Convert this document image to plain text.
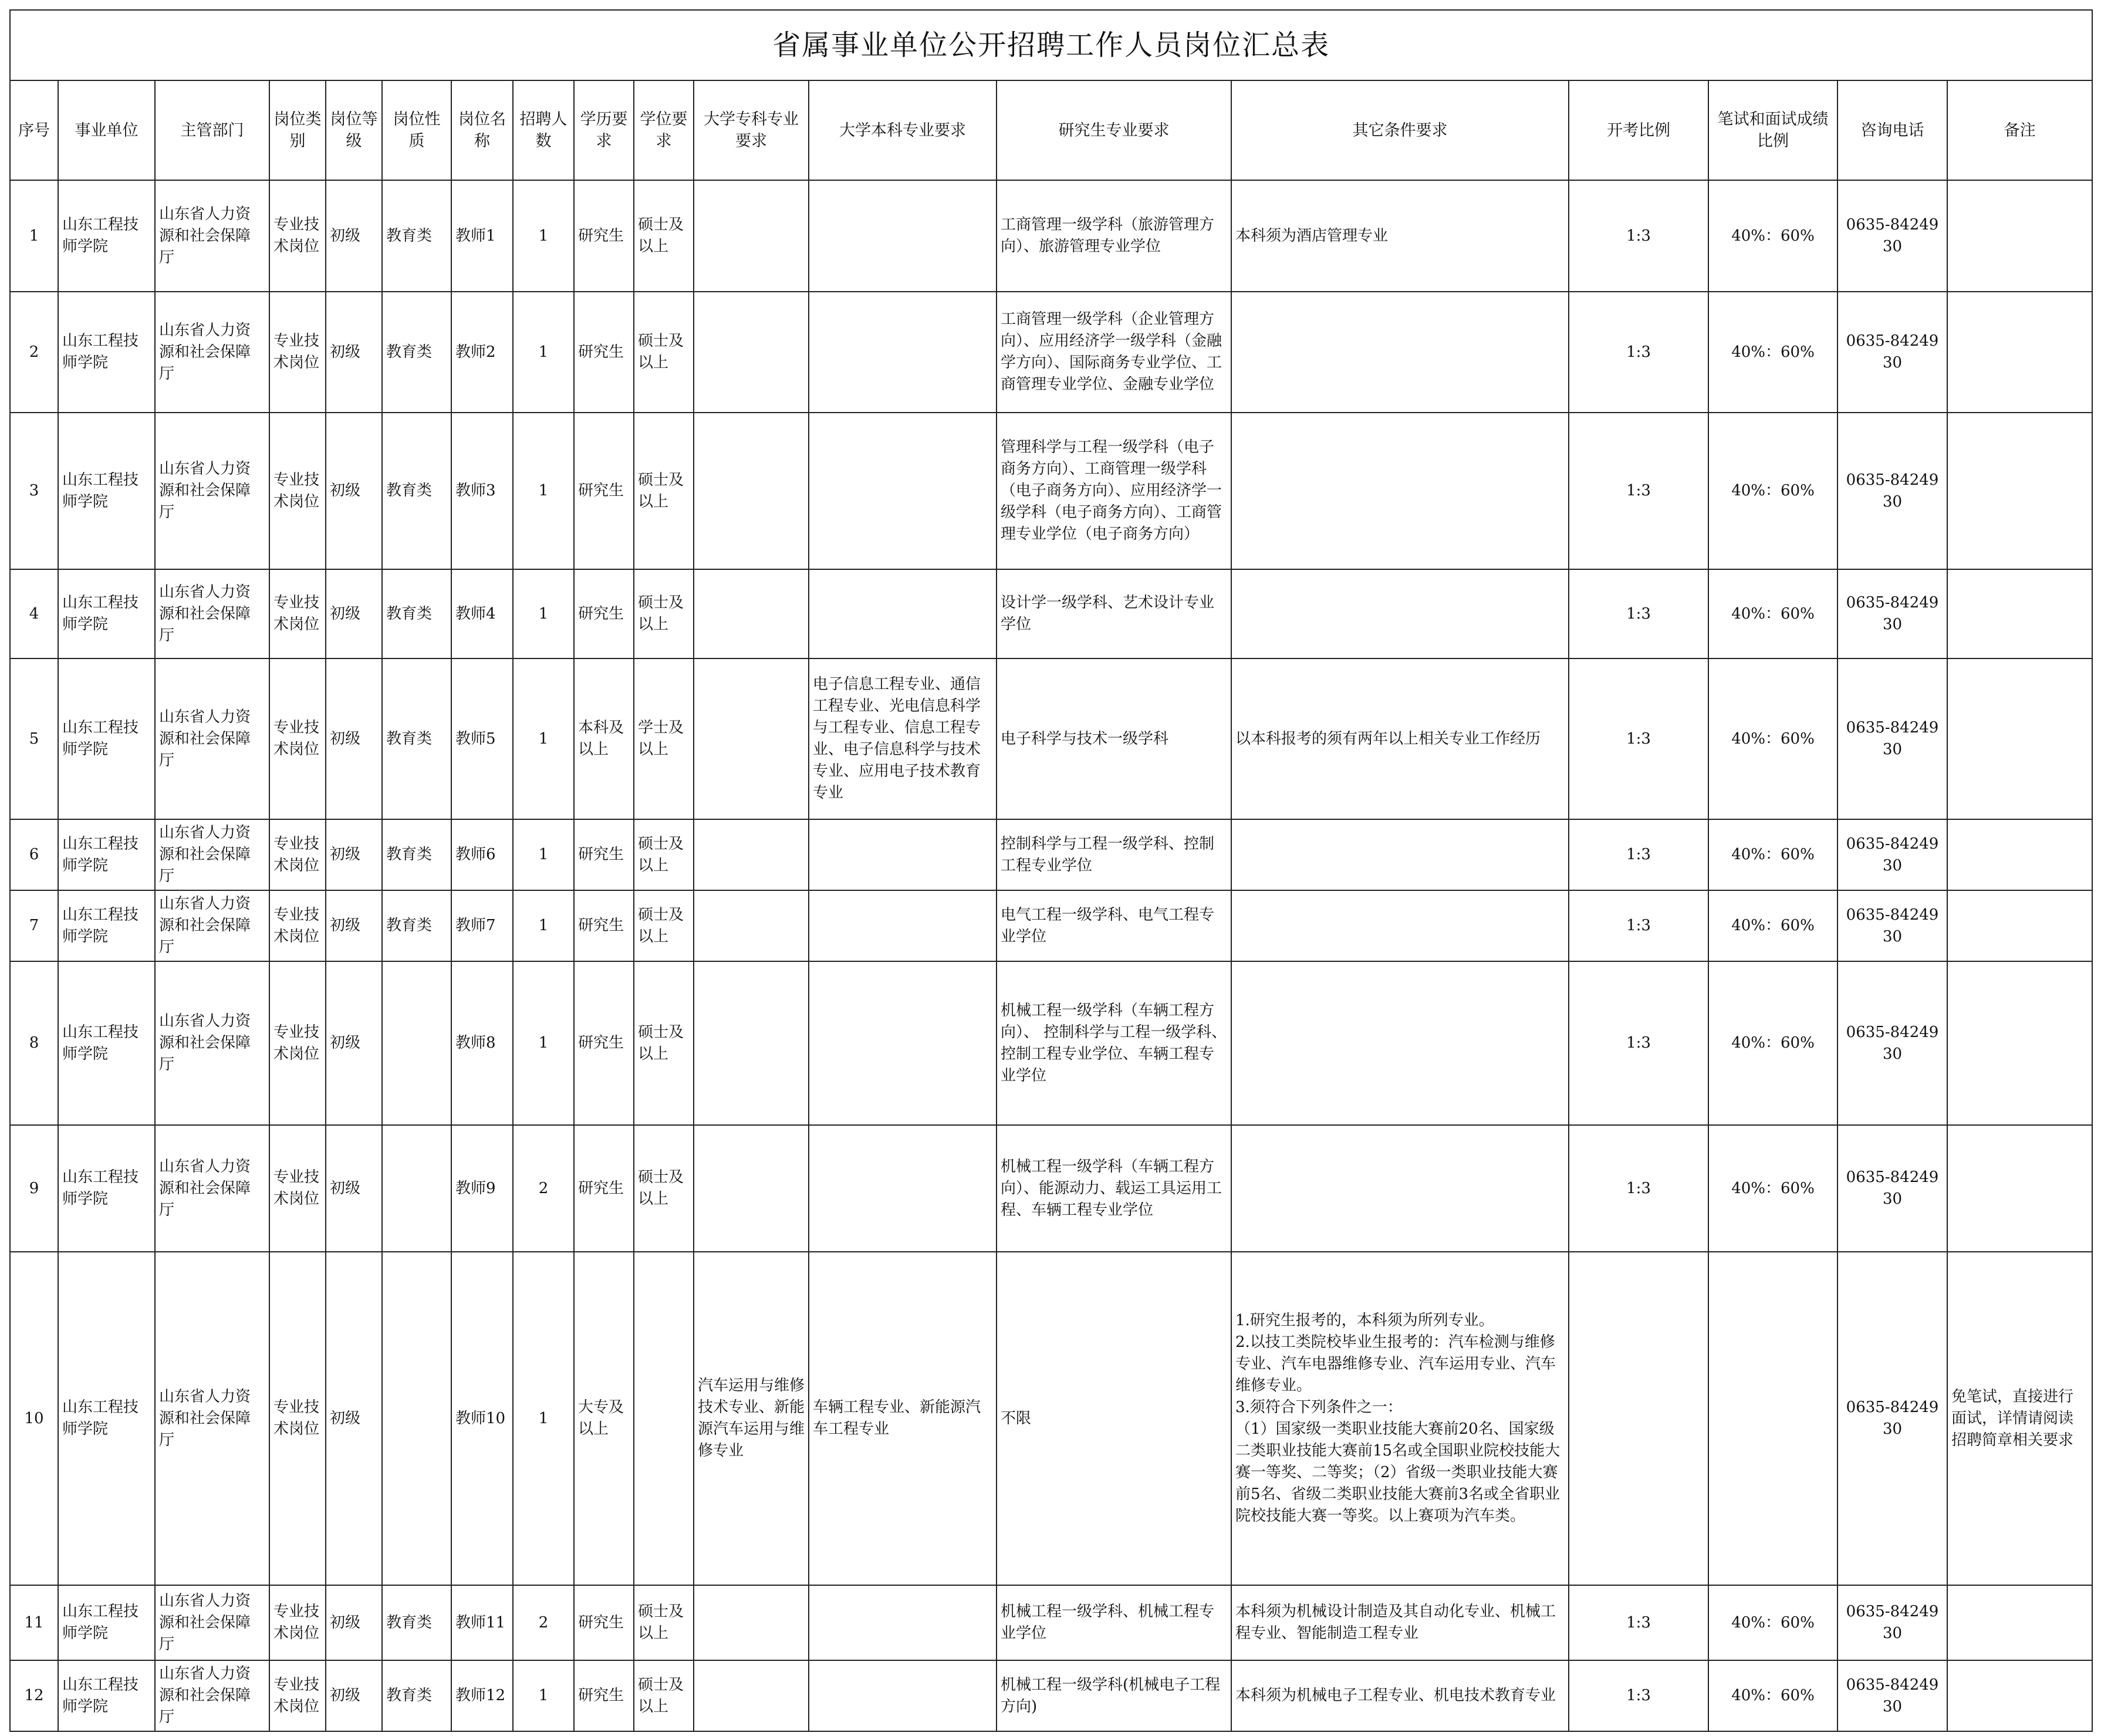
省属事业单位公开招聘工作人员岗位汇总表																	
序号	事业单位	主管部门	岗位类别	岗位等级	岗位性质	岗位名称	招聘人数	学历要求	学位要求	大学专科专业要求	大学本科专业要求	研究生专业要求	其它条件要求	开考比例	笔试和面试成绩比例	咨询电话	备注
1	山东工程技师学院	山东省人力资源和社会保障厅	专业技术岗位	初级	教育类	教师1	1	研究生	硕士及以上			工商管理一级学科（旅游管理方向）、旅游管理专业学位	本科须为酒店管理专业	1:3	40%：60%	0635-8424930	
2	山东工程技师学院	山东省人力资源和社会保障厅	专业技术岗位	初级	教育类	教师2	1	研究生	硕士及以上			工商管理一级学科（企业管理方向）、应用经济学一级学科（金融学方向）、国际商务专业学位、工商管理专业学位、金融专业学位		1:3	40%：60%	0635-8424930	
3	山东工程技师学院	山东省人力资源和社会保障厅	专业技术岗位	初级	教育类	教师3	1	研究生	硕士及以上			管理科学与工程一级学科（电子商务方向）、工商管理一级学科（电子商务方向）、应用经济学一级学科（电子商务方向）、工商管理专业学位（电子商务方向）		1:3	40%：60%	0635-8424930	
4	山东工程技师学院	山东省人力资源和社会保障厅	专业技术岗位	初级	教育类	教师4	1	研究生	硕士及以上			设计学一级学科、艺术设计专业学位		1:3	40%：60%	0635-8424930	
5	山东工程技师学院	山东省人力资源和社会保障厅	专业技术岗位	初级	教育类	教师5	1	本科及以上	学士及以上		电子信息工程专业、通信工程专业、光电信息科学与工程专业、信息工程专业、电子信息科学与技术专业、应用电子技术教育专业	电子科学与技术一级学科	以本科报考的须有两年以上相关专业工作经历	1:3	40%：60%	0635-8424930	
6	山东工程技师学院	山东省人力资源和社会保障厅	专业技术岗位	初级	教育类	教师6	1	研究生	硕士及以上			控制科学与工程一级学科、控制工程专业学位		1:3	40%：60%	0635-8424930	
7	山东工程技师学院	山东省人力资源和社会保障厅	专业技术岗位	初级	教育类	教师7	1	研究生	硕士及以上			电气工程一级学科、电气工程专业学位		1:3	40%：60%	0635-8424930	
8	山东工程技师学院	山东省人力资源和社会保障厅	专业技术岗位	初级		教师8	1	研究生	硕士及以上			机械工程一级学科（车辆工程方向）、 控制科学与工程一级学科、控制工程专业学位、车辆工程专业学位		1:3	40%：60%	0635-8424930	
9	山东工程技师学院	山东省人力资源和社会保障厅	专业技术岗位	初级		教师9	2	研究生	硕士及以上			机械工程一级学科（车辆工程方向）、能源动力、载运工具运用工程、车辆工程专业学位		1:3	40%：60%	0635-8424930	
10	山东工程技师学院	山东省人力资源和社会保障厅	专业技术岗位	初级		教师10	1	大专及以上		汽车运用与维修技术专业、新能源汽车运用与维修专业	车辆工程专业、新能源汽车工程专业	不限	1.研究生报考的，本科须为所列专业。
2.以技工类院校毕业生报考的：汽车检测与维修专业、汽车电器维修专业、汽车运用专业、汽车维修专业。
3.须符合下列条件之一：
（1）国家级一类职业技能大赛前20名、国家级二类职业技能大赛前15名或全国职业院校技能大赛一等奖、二等奖；（2）省级一类职业技能大赛前5名、省级二类职业技能大赛前3名或全省职业院校技能大赛一等奖。以上赛项为汽车类。			0635-8424930	免笔试，直接进行面试，详情请阅读招聘简章相关要求
11	山东工程技师学院	山东省人力资源和社会保障厅	专业技术岗位	初级	教育类	教师11	2	研究生	硕士及以上			机械工程一级学科、机械工程专业学位	本科须为机械设计制造及其自动化专业、机械工程专业、智能制造工程专业	1:3	40%：60%	0635-8424930	
12	山东工程技师学院	山东省人力资源和社会保障厅	专业技术岗位	初级	教育类	教师12	1	研究生	硕士及以上			机械工程一级学科(机械电子工程方向)	本科须为机械电子工程专业、机电技术教育专业	1:3	40%：60%	0635-8424930	
